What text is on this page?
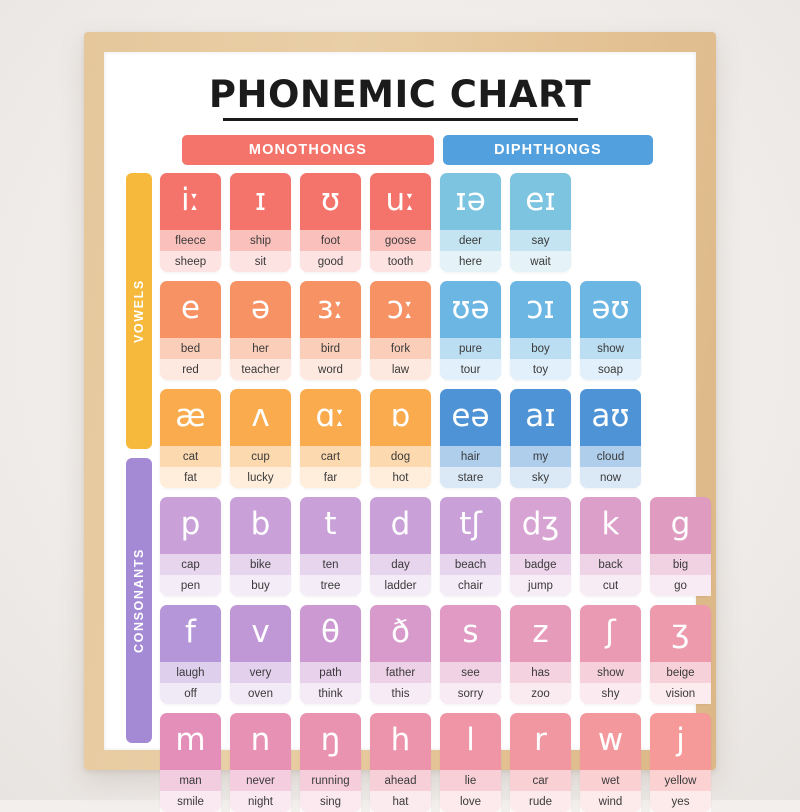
PHONEMIC CHART
MONOTHONGS	DIPHTHONGS
VOWELS
CONSONANTS
iː
fleece
sheep
ɪ
ship
sit
ʊ
foot
good
uː
goose
tooth
ɪə
deer
here
eɪ
say
wait
e
bed
red
ə
her
teacher
ɜː
bird
word
ɔː
fork
law
ʊə
pure
tour
ɔɪ
boy
toy
əʊ
show
soap
æ
cat
fat
ʌ
cup
lucky
ɑː
cart
far
ɒ
dog
hot
eə
hair
stare
aɪ
my
sky
aʊ
cloud
now
p
cap
pen
b
bike
buy
t
ten
tree
d
day
ladder
tʃ
beach
chair
dʒ
badge
jump
k
back
cut
g
big
go
f
laugh
off
v
very
oven
θ
path
think
ð
father
this
s
see
sorry
z
has
zoo
ʃ
show
shy
ʒ
beige
vision
m
man
smile
n
never
night
ŋ
running
sing
h
ahead
hat
l
lie
love
r
car
rude
w
wet
wind
j
yellow
yes
